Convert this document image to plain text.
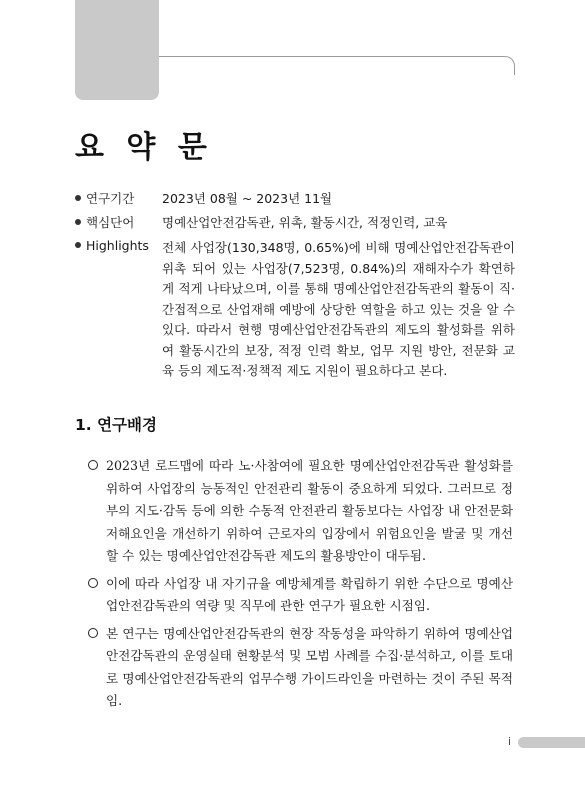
요 약 문
연구기간	2023년 08월 ~ 2023년 11월
핵심단어	명예산업안전감독관, 위촉, 활동시간, 적정인력, 교육
Highlights	전체 사업장(130,348명, 0.65%)에 비해 명예산업안전감독관이 위촉 되어 있는 사업장(7,523명, 0.84%)의 재해자수가 확연하게 적게 나타났으며, 이를 통해 명예산업안전감독관의 활동이 직·간접적으로 산업재해 예방에 상당한 역할을 하고 있는 것을 알 수 있다. 따라서 현행 명예산업안전감독관의 제도의 활성화를 위하여 활동시간의 보장, 적정 인력 확보, 업무 지원 방안, 전문화 교육 등의 제도적·정책적 제도 지원이 필요하다고 본다.
1. 연구배경
2023년 로드맵에 따라 노·사참여에 필요한 명예산업안전감독관 활성화를 위하여 사업장의 능동적인 안전관리 활동이 중요하게 되었다. 그러므로 정부의 지도·감독 등에 의한 수동적 안전관리 활동보다는 사업장 내 안전문화 저해요인을 개선하기 위하여 근로자의 입장에서 위험요인을 발굴 및 개선할 수 있는 명예산업안전감독관 제도의 활용방안이 대두됨.
이에 따라 사업장 내 자기규율 예방체계를 확립하기 위한 수단으로 명예산업안전감독관의 역량 및 직무에 관한 연구가 필요한 시점임.
본 연구는 명예산업안전감독관의 현장 작동성을 파악하기 위하여 명예산업안전감독관의 운영실태 현황분석 및 모범 사례를 수집·분석하고, 이를 토대로 명예산업안전감독관의 업무수행 가이드라인을 마련하는 것이 주된 목적임.
i
